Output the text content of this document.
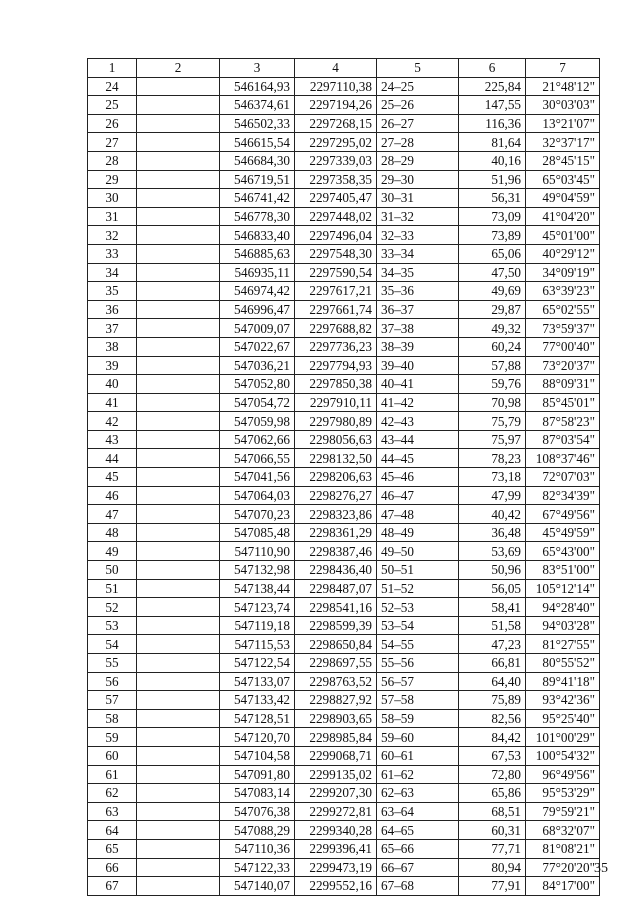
1	2	3	4	5	6	7
24		546164,93	2297110,38	24–25	225,84	21°48'12"
25		546374,61	2297194,26	25–26	147,55	30°03'03"
26		546502,33	2297268,15	26–27	116,36	13°21'07"
27		546615,54	2297295,02	27–28	81,64	32°37'17"
28		546684,30	2297339,03	28–29	40,16	28°45'15"
29		546719,51	2297358,35	29–30	51,96	65°03'45"
30		546741,42	2297405,47	30–31	56,31	49°04'59"
31		546778,30	2297448,02	31–32	73,09	41°04'20"
32		546833,40	2297496,04	32–33	73,89	45°01'00"
33		546885,63	2297548,30	33–34	65,06	40°29'12"
34		546935,11	2297590,54	34–35	47,50	34°09'19"
35		546974,42	2297617,21	35–36	49,69	63°39'23"
36		546996,47	2297661,74	36–37	29,87	65°02'55"
37		547009,07	2297688,82	37–38	49,32	73°59'37"
38		547022,67	2297736,23	38–39	60,24	77°00'40"
39		547036,21	2297794,93	39–40	57,88	73°20'37"
40		547052,80	2297850,38	40–41	59,76	88°09'31"
41		547054,72	2297910,11	41–42	70,98	85°45'01"
42		547059,98	2297980,89	42–43	75,79	87°58'23"
43		547062,66	2298056,63	43–44	75,97	87°03'54"
44		547066,55	2298132,50	44–45	78,23	108°37'46"
45		547041,56	2298206,63	45–46	73,18	72°07'03"
46		547064,03	2298276,27	46–47	47,99	82°34'39"
47		547070,23	2298323,86	47–48	40,42	67°49'56"
48		547085,48	2298361,29	48–49	36,48	45°49'59"
49		547110,90	2298387,46	49–50	53,69	65°43'00"
50		547132,98	2298436,40	50–51	50,96	83°51'00"
51		547138,44	2298487,07	51–52	56,05	105°12'14"
52		547123,74	2298541,16	52–53	58,41	94°28'40"
53		547119,18	2298599,39	53–54	51,58	94°03'28"
54		547115,53	2298650,84	54–55	47,23	81°27'55"
55		547122,54	2298697,55	55–56	66,81	80°55'52"
56		547133,07	2298763,52	56–57	64,40	89°41'18"
57		547133,42	2298827,92	57–58	75,89	93°42'36"
58		547128,51	2298903,65	58–59	82,56	95°25'40"
59		547120,70	2298985,84	59–60	84,42	101°00'29"
60		547104,58	2299068,71	60–61	67,53	100°54'32"
61		547091,80	2299135,02	61–62	72,80	96°49'56"
62		547083,14	2299207,30	62–63	65,86	95°53'29"
63		547076,38	2299272,81	63–64	68,51	79°59'21"
64		547088,29	2299340,28	64–65	60,31	68°32'07"
65		547110,36	2299396,41	65–66	77,71	81°08'21"
66		547122,33	2299473,19	66–67	80,94	77°20'20"
67		547140,07	2299552,16	67–68	77,91	84°17'00"
35
